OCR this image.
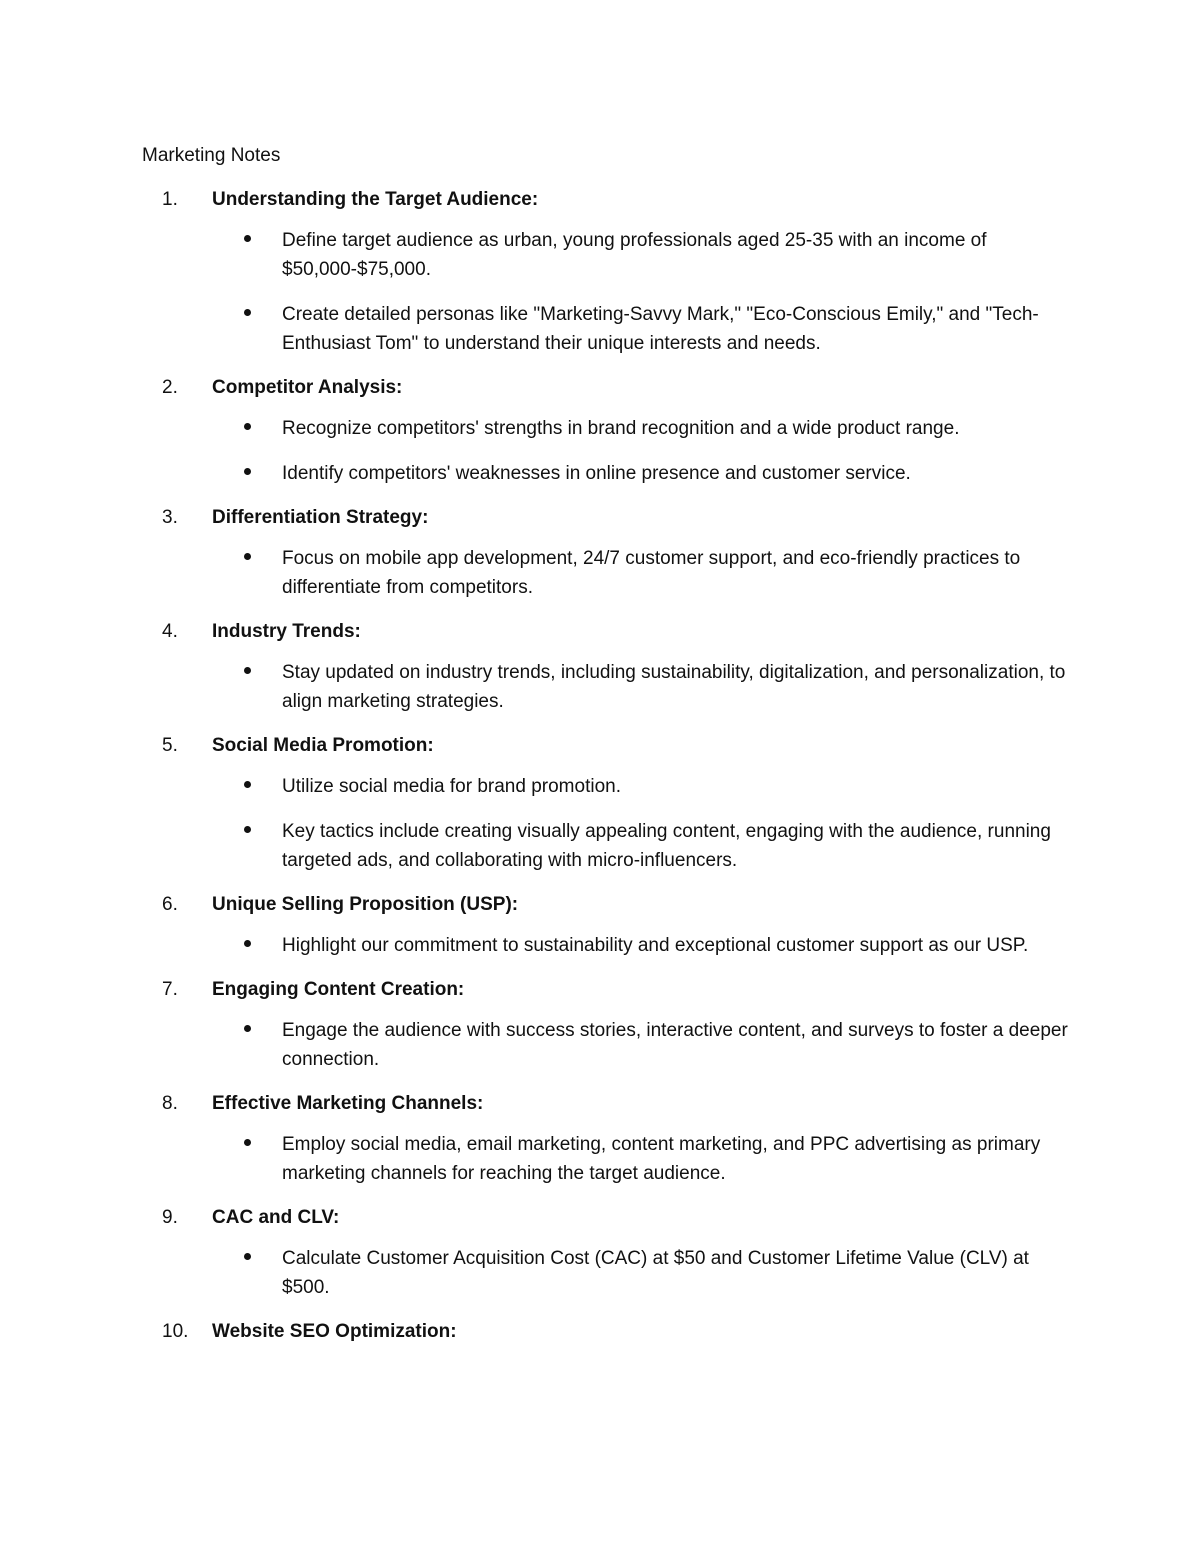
Marketing Notes
1.	Understanding the Target Audience:
Define target audience as urban, young professionals aged 25-35 with an income of $50,000-$75,000.
Create detailed personas like "Marketing-Savvy Mark," "Eco-Conscious Emily," and "Tech-Enthusiast Tom" to understand their unique interests and needs.
2.	Competitor Analysis:
Recognize competitors' strengths in brand recognition and a wide product range.
Identify competitors' weaknesses in online presence and customer service.
3.	Differentiation Strategy:
Focus on mobile app development, 24/7 customer support, and eco-friendly practices to differentiate from competitors.
4.	Industry Trends:
Stay updated on industry trends, including sustainability, digitalization, and personalization, to align marketing strategies.
5.	Social Media Promotion:
Utilize social media for brand promotion.
Key tactics include creating visually appealing content, engaging with the audience, running targeted ads, and collaborating with micro-influencers.
6.	Unique Selling Proposition (USP):
Highlight our commitment to sustainability and exceptional customer support as our USP.
7.	Engaging Content Creation:
Engage the audience with success stories, interactive content, and surveys to foster a deeper connection.
8.	Effective Marketing Channels:
Employ social media, email marketing, content marketing, and PPC advertising as primary marketing channels for reaching the target audience.
9.	CAC and CLV:
Calculate Customer Acquisition Cost (CAC) at $50 and Customer Lifetime Value (CLV) at $500.
10.	Website SEO Optimization:
